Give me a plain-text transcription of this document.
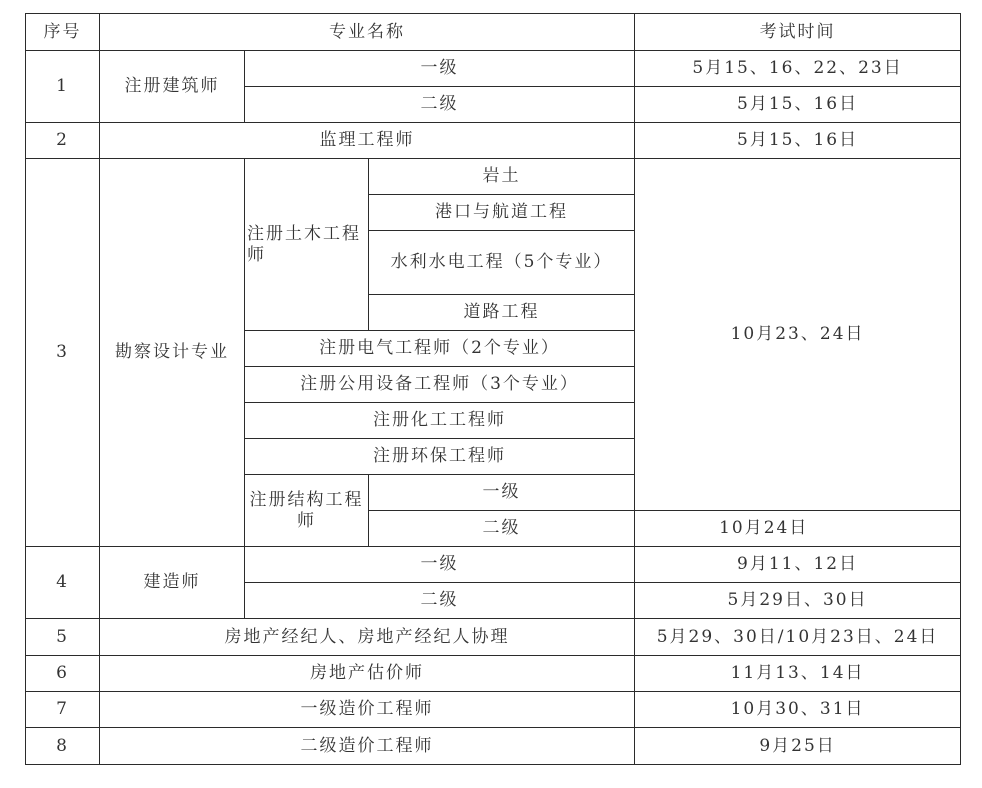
序号	专业名称			考试时间
1	注册建筑师	一级		5月15、16、22、23日
		二级		5月15、16日
2	监理工程师			5月15、16日
3	勘察设计专业	注册土木工程师	岩土	10月23、24日
			港口与航道工程	
			水利水电工程（5个专业）	

			道路工程	
		注册电气工程师（2个专业）		
		注册公用设备工程师（3个专业）		
		注册化工工程师		
		注册环保工程师		
		注册结构工程师	一级	
			二级	10月24日
4	建造师	一级		9月11、12日
		二级		5月29日、30日
5	房地产经纪人、房地产经纪人协理			5月29、30日/10月23日、24日
6	房地产估价师			11月13、14日
7	一级造价工程师			10月30、31日
8	二级造价工程师			9月25日
